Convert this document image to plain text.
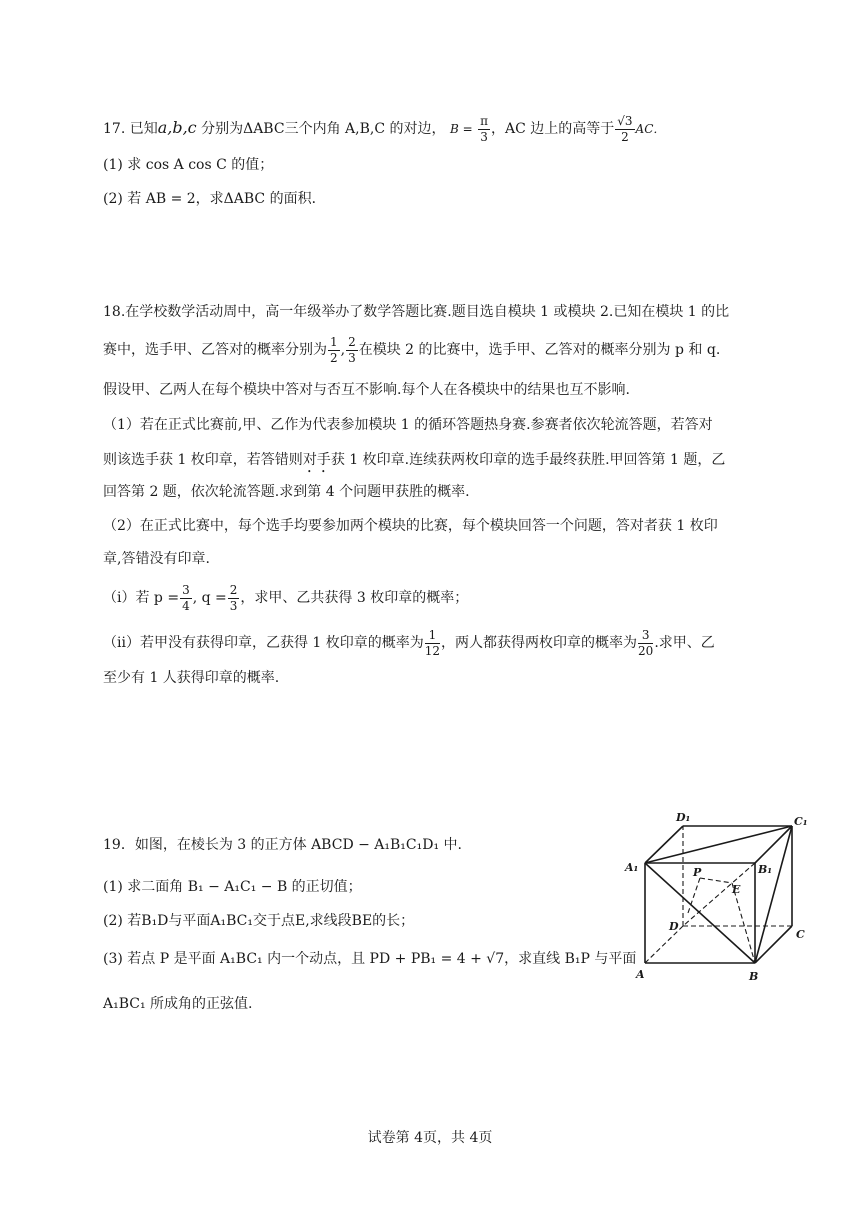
17. 已知a,b,c 分别为ΔABC三个内角 A,B,C 的对边， $B = \frac{\pi}{3}$ ，AC 边上的高等于 $\frac{√3}{2}$ AC．
(1) 求 cos A cos C 的值；
(2) 若 AB = 2，求ΔABC 的面积．
18.在学校数学活动周中，高一年级举办了数学答题比赛.题目选自模块 1 或模块 2.已知在模块 1 的比
赛中，选手甲、乙答对的概率分别为 $\frac{1}{2}$ , $\frac{2}{3}$ 在模块 2 的比赛中，选手甲、乙答对的概率分别为 p 和 q.
假设甲、乙两人在每个模块中答对与否互不影响.每个人在各模块中的结果也互不影响.
（1）若在正式比赛前,甲、乙作为代表参加模块 1 的循环答题热身赛.参赛者依次轮流答题，若答对
则该选手获 1 枚印章，若答错则对手获 1 枚印章.连续获两枚印章的选手最终获胜.甲回答第 1 题，乙
回答第 2 题，依次轮流答题.求到第 4 个问题甲获胜的概率.
（2）在正式比赛中，每个选手均要参加两个模块的比赛，每个模块回答一个问题，答对者获 1 枚印
章,答错没有印章.
（i）若 $p = \frac{3}{4}$ , $q = \frac{2}{3}$ ，求甲、乙共获得 3 枚印章的概率；
（ii）若甲没有获得印章，乙获得 1 枚印章的概率为 $\frac{1}{12}$ ，两人都获得两枚印章的概率为 $\frac{3}{20}$ .求甲、乙
至少有 1 人获得印章的概率.
19．如图，在棱长为 3 的正方体 ABCD − A₁B₁C₁D₁ 中.
(1) 求二面角 B₁ − A₁C₁ − B 的正切值；
(2) 若B₁D与平面A₁BC₁交于点E,求线段BE的长；
(3) 若点 P 是平面 A₁BC₁ 内一个动点，且 PD + PB₁ = 4 + √7，求直线 B₁P 与平面
A₁BC₁ 所成角的正弦值.
D₁	C₁
A₁	B₁
P
E
D
C
A	B
试卷第 4页，共 4页
